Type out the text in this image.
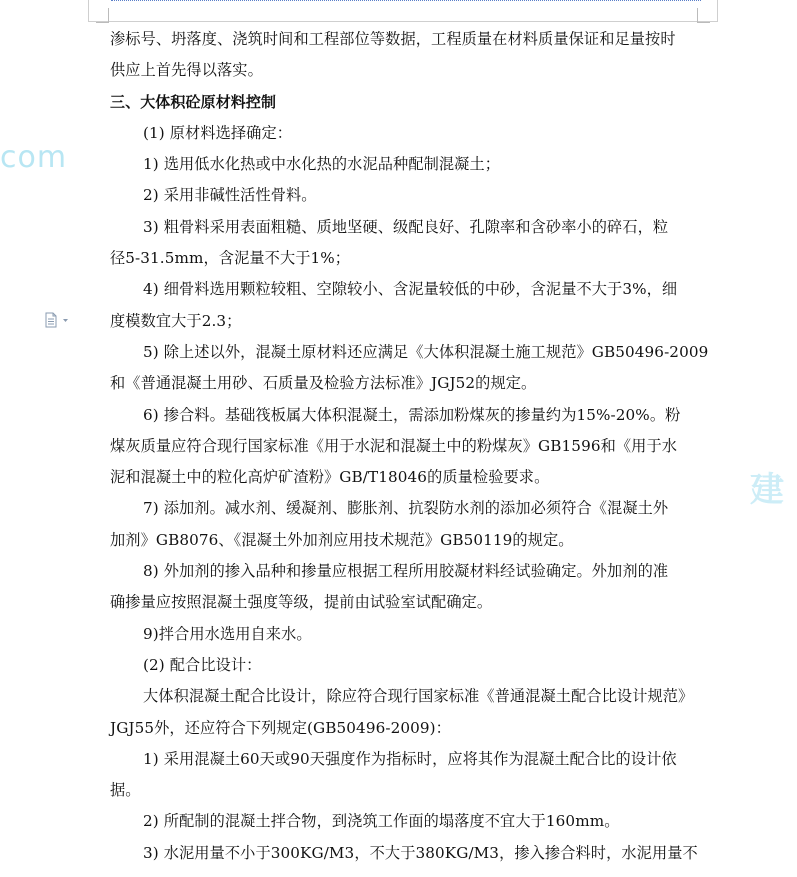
com
建

渗标号、坍落度、浇筑时间和工程部位等数据，工程质量在材料质量保证和足量按时

供应上首先得以落实。

三、大体积砼原材料控制

(1) 原材料选择确定：

1) 选用低水化热或中水化热的水泥品种配制混凝土；

2) 采用非碱性活性骨料。

3) 粗骨料采用表面粗糙、质地坚硬、级配良好、孔隙率和含砂率小的碎石，粒

径5-31.5mm，含泥量不大于1%；

4) 细骨料选用颗粒较粗、空隙较小、含泥量较低的中砂，含泥量不大于3%，细

度模数宜大于2.3；

5) 除上述以外，混凝土原材料还应满足《大体积混凝土施工规范》GB50496-2009

和《普通混凝土用砂、石质量及检验方法标准》JGJ52的规定。

6) 掺合料。基础筏板属大体积混凝土，需添加粉煤灰的掺量约为15%-20%。粉

煤灰质量应符合现行国家标准《用于水泥和混凝土中的粉煤灰》GB1596和《用于水

泥和混凝土中的粒化高炉矿渣粉》GB/T18046的质量检验要求。

7) 添加剂。减水剂、缓凝剂、膨胀剂、抗裂防水剂的添加必须符合《混凝土外

加剂》GB8076、《混凝土外加剂应用技术规范》GB50119的规定。

8) 外加剂的掺入品种和掺量应根据工程所用胶凝材料经试验确定。外加剂的准

确掺量应按照混凝土强度等级，提前由试验室试配确定。

9)拌合用水选用自来水。

(2) 配合比设计：

大体积混凝土配合比设计，除应符合现行国家标准《普通混凝土配合比设计规范》

JGJ55外，还应符合下列规定(GB50496-2009)：

1) 采用混凝土60天或90天强度作为指标时，应将其作为混凝土配合比的设计依

据。

2) 所配制的混凝土拌合物，到浇筑工作面的塌落度不宜大于160mm。

3) 水泥用量不小于300KG/M3，不大于380KG/M3，掺入掺合料时，水泥用量不
